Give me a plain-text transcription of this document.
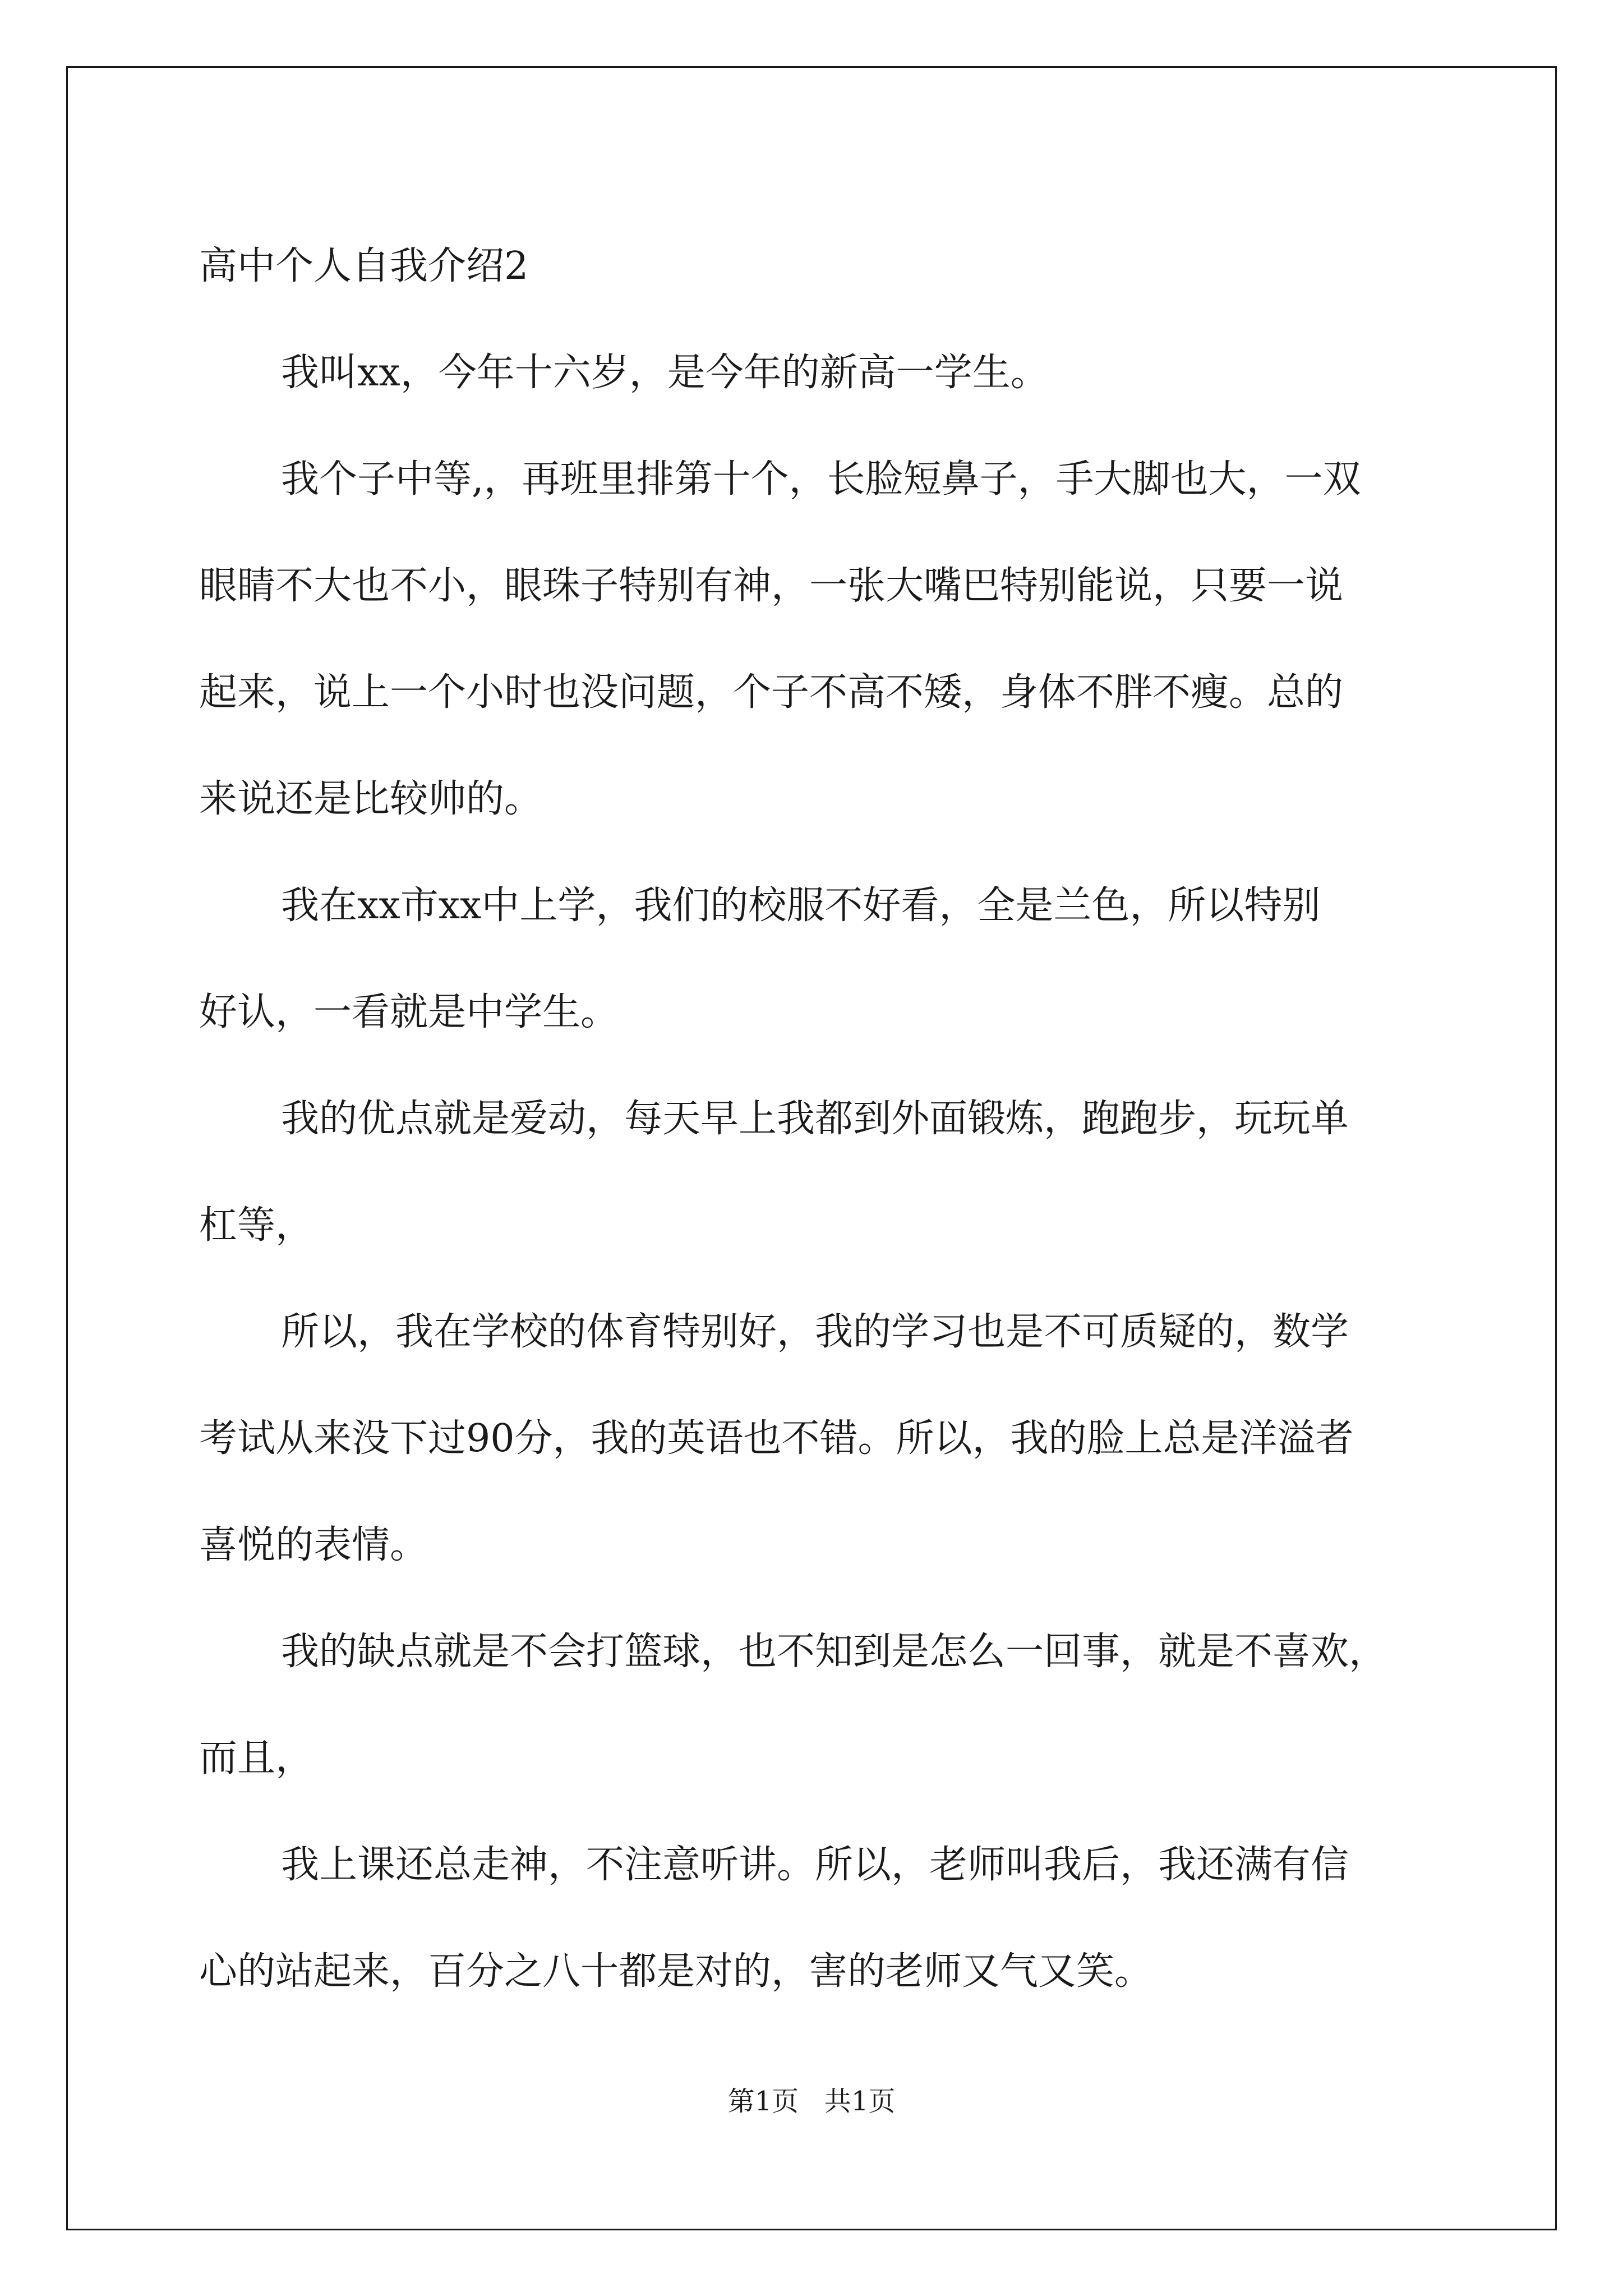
高中个人自我介绍2
我叫xx，今年十六岁，是今年的新高一学生。
我个子中等,，再班里排第十个，长脸短鼻子，手大脚也大，一双
眼睛不大也不小，眼珠子特别有神，一张大嘴巴特别能说，只要一说
起来，说上一个小时也没问题，个子不高不矮，身体不胖不瘦。总的
来说还是比较帅的。
我在xx市xx中上学，我们的校服不好看，全是兰色，所以特别
好认，一看就是中学生。
我的优点就是爱动，每天早上我都到外面锻炼，跑跑步，玩玩单
杠等，
所以，我在学校的体育特别好，我的学习也是不可质疑的，数学
考试从来没下过90分，我的英语也不错。所以，我的脸上总是洋溢者
喜悦的表情。
我的缺点就是不会打篮球，也不知到是怎么一回事，就是不喜欢，
而且，
我上课还总走神，不注意听讲。所以，老师叫我后，我还满有信
心的站起来，百分之八十都是对的，害的老师又气又笑。
第1页   共1页
